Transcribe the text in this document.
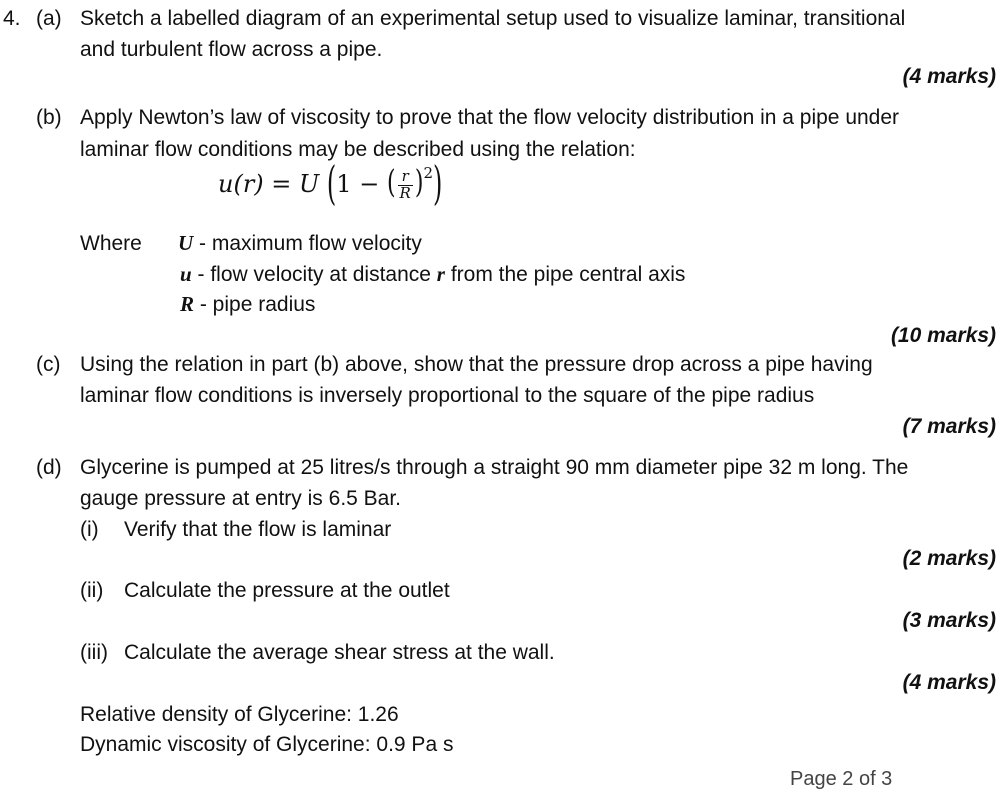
4. (a) Sketch a labelled diagram of an experimental setup used to visualize laminar, transitional
and turbulent flow across a pipe.
(4 marks)
(b) Apply Newton’s law of viscosity to prove that the flow velocity distribution in a pipe under
laminar flow conditions may be described using the relation:
u(r) = U (1 − ( $\frac{r}{R} )^2$)
Where U - maximum flow velocity
u - flow velocity at distance r from the pipe central axis
R - pipe radius
(10 marks)
(c) Using the relation in part (b) above, show that the pressure drop across a pipe having
laminar flow conditions is inversely proportional to the square of the pipe radius
(7 marks)
(d) Glycerine is pumped at 25 litres/s through a straight 90 mm diameter pipe 32 m long. The
gauge pressure at entry is 6.5 Bar.
(i) Verify that the flow is laminar
(2 marks)
(ii) Calculate the pressure at the outlet
(3 marks)
(iii) Calculate the average shear stress at the wall.
(4 marks)
Relative density of Glycerine: 1.26
Dynamic viscosity of Glycerine: 0.9 Pa s
Page 2 of 3
